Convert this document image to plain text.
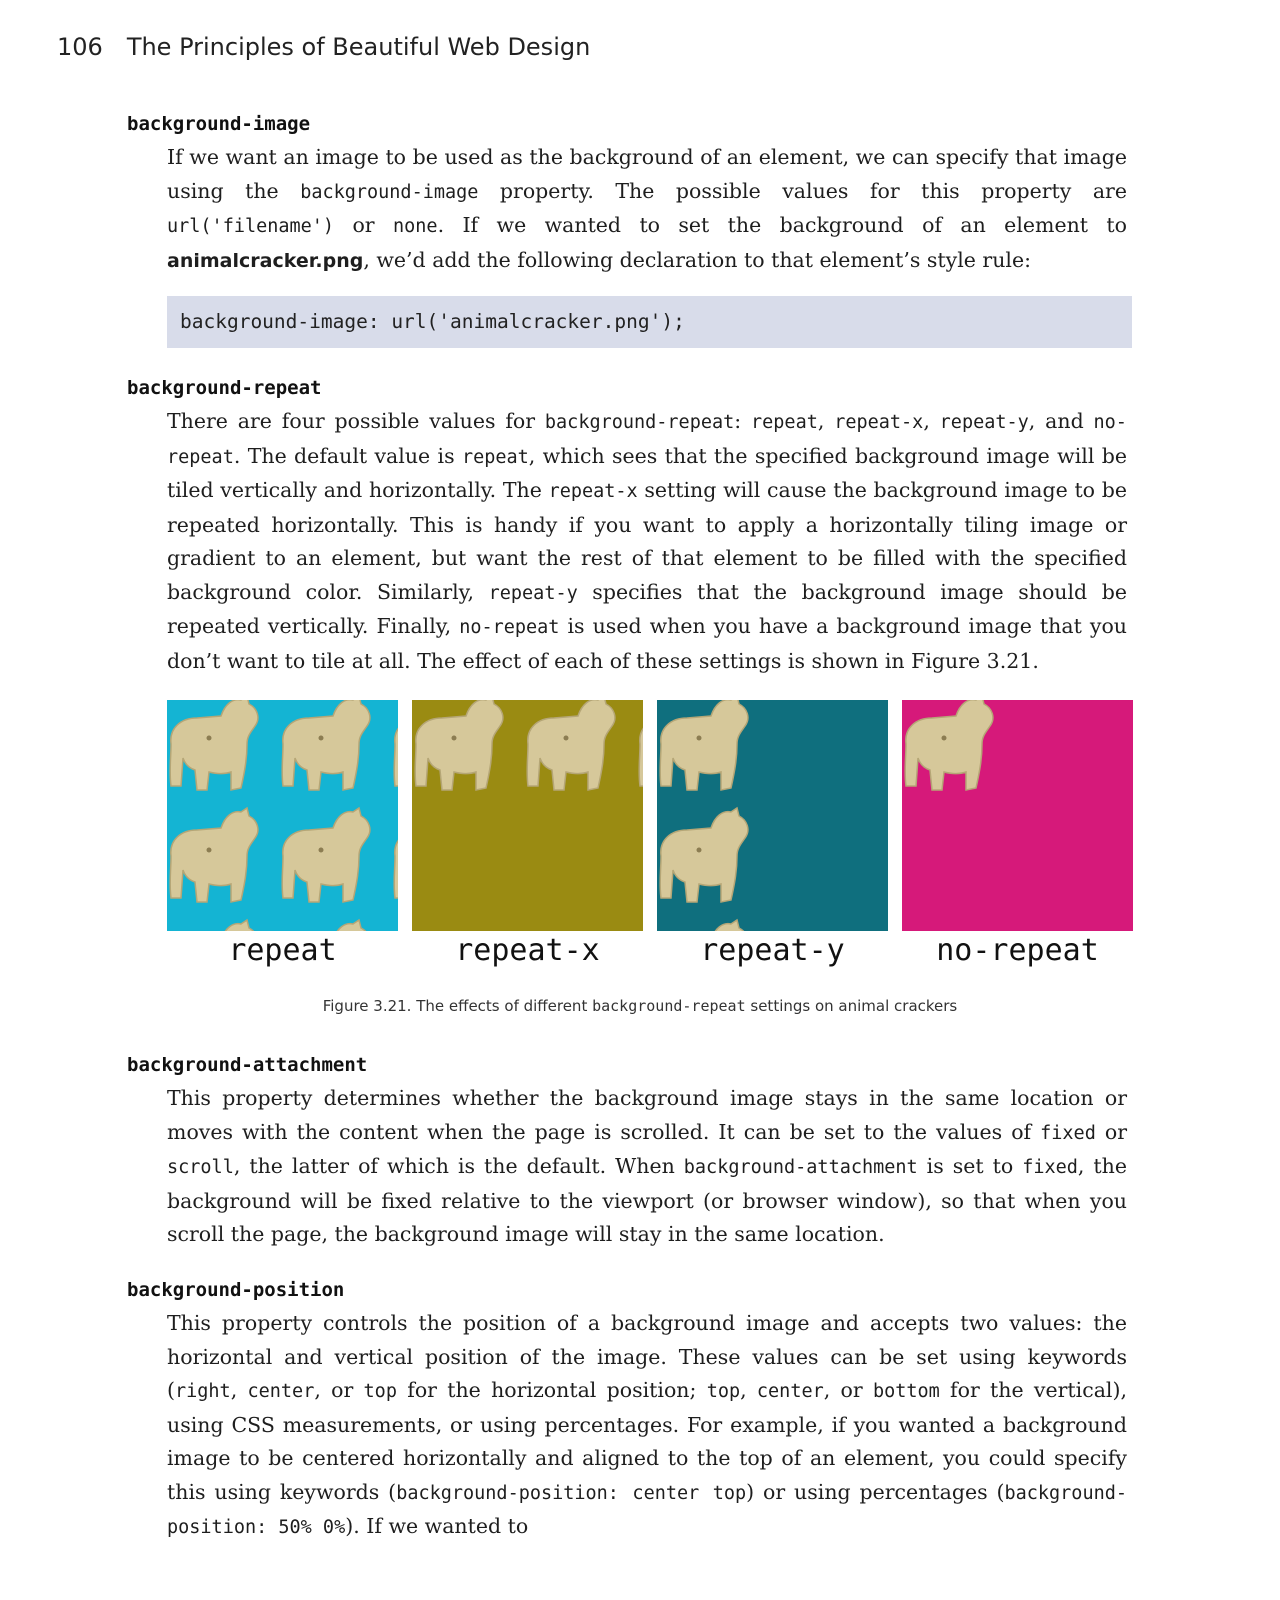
106 The Principles of Beautiful Web Design
background-image

If we want an image to be used as the background of an element, we can specify that image using the background-image property. The possible values for this property are url('filename') or none. If we wanted to set the background of an element to animalcracker.png, we’d add the following declaration to that element’s style rule:

background-image: url('animalcracker.png');
background-repeat

There are four possible values for background-repeat: repeat, repeat-x, repeat-y, and no-repeat. The default value is repeat, which sees that the specified background image will be tiled vertically and horizontally. The repeat-x setting will cause the background image to be repeated horizontally. This is handy if you want to apply a horizontally tiling image or gradient to an element, but want the rest of that element to be filled with the specified background color. Similarly, repeat-y specifies that the background image should be repeated vertically. Finally, no-repeat is used when you have a background image that you don’t want to tile at all. The effect of each of these settings is shown in Figure 3.21.

repeat	repeat-x	repeat-y	no-repeat
Figure 3.21. The effects of different background-repeat settings on animal crackers
background-attachment

This property determines whether the background image stays in the same location or moves with the content when the page is scrolled. It can be set to the values of fixed or scroll, the latter of which is the default. When background-attachment is set to fixed, the background will be fixed relative to the viewport (or browser window), so that when you scroll the page, the background image will stay in the same location.

background-position

This property controls the position of a background image and accepts two values: the horizontal and vertical position of the image. These values can be set using keywords (right, center, or top for the horizontal position; top, center, or bottom for the vertical), using CSS measurements, or using percentages. For example, if you wanted a background image to be centered horizontally and aligned to the top of an element, you could specify this using keywords (background-position: center top) or using percentages (background-position: 50% 0%). If we wanted to
